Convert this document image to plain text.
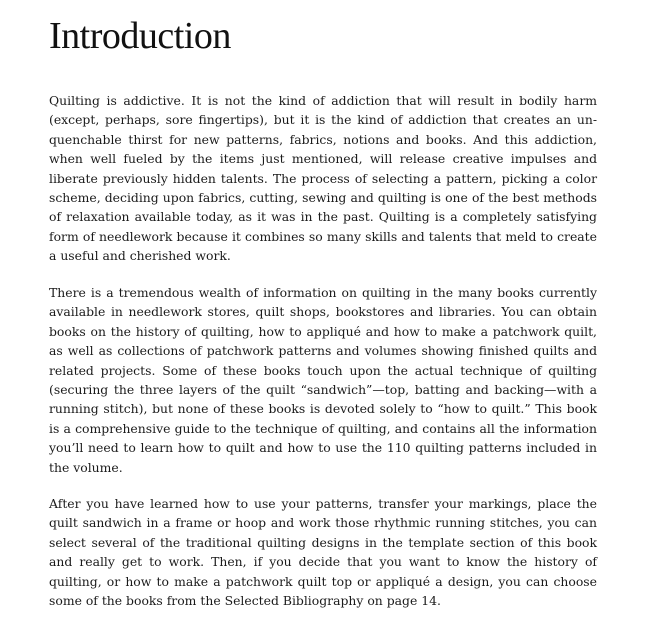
Introduction

Quilting is addictive. It is not the kind of addiction that will result in bodily harm (except, perhaps, sore fingertips), but it is the kind of addiction that creates an unquenchable thirst for new patterns, fabrics, notions and books. And this addiction, when well fueled by the items just mentioned, will release creative impulses and liberate previously hidden talents. The process of selecting a pattern, picking a color scheme, deciding upon fabrics, cutting, sewing and quilting is one of the best methods of relaxation available today, as it was in the past. Quilting is a completely satisfying form of needlework because it combines so many skills and talents that meld to create a useful and cherished work.

There is a tremendous wealth of information on quilting in the many books currently available in needlework stores, quilt shops, bookstores and libraries. You can obtain books on the history of quilting, how to appliqué and how to make a patchwork quilt, as well as collections of patchwork patterns and volumes showing finished quilts and related projects. Some of these books touch upon the actual technique of quilting (securing the three layers of the quilt “sandwich”—top, batting and backing—with a running stitch), but none of these books is devoted solely to “how to quilt.” This book is a comprehensive guide to the technique of quilting, and contains all the information you’ll need to learn how to quilt and how to use the 110 quilting patterns included in the volume.

After you have learned how to use your patterns, transfer your markings, place the quilt sandwich in a frame or hoop and work those rhythmic running stitches, you can select several of the traditional quilting designs in the template section of this book and really get to work. Then, if you decide that you want to know the history of quilting, or how to make a patchwork quilt top or appliqué a design, you can choose some of the books from the Selected Bibliography on page 14.
